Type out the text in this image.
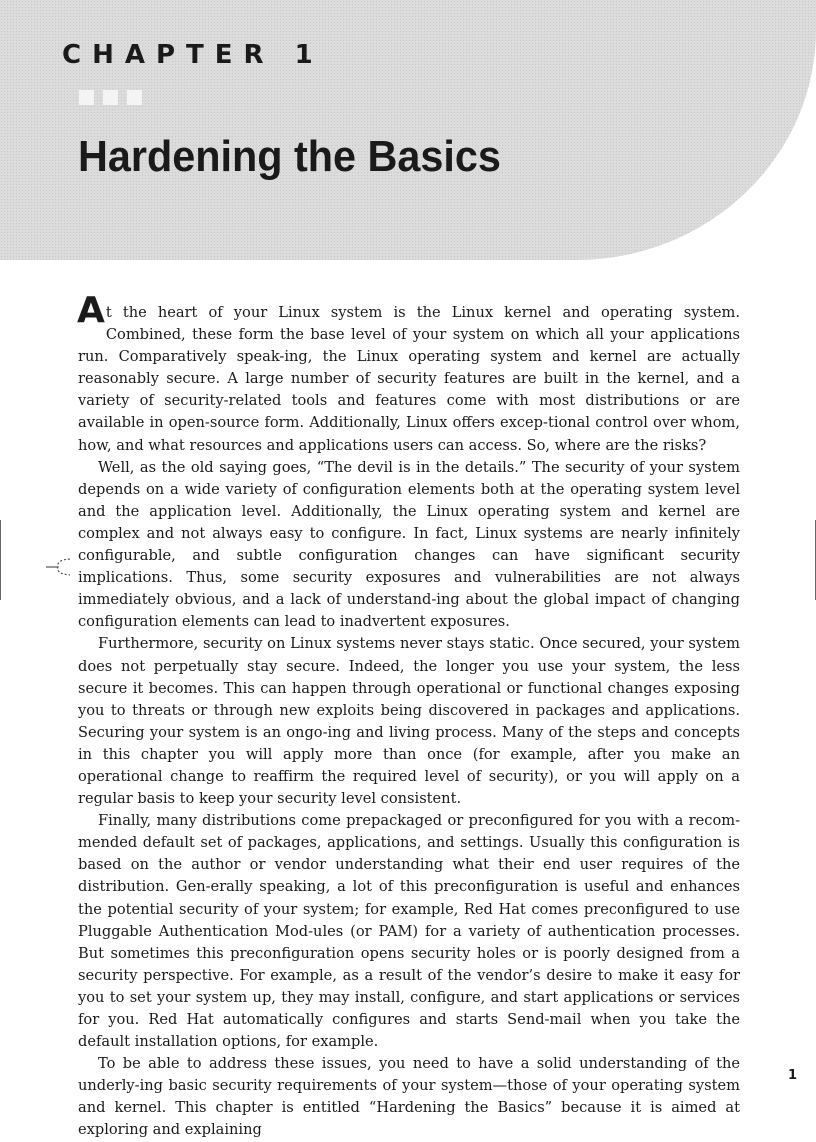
CHAPTER 1
Hardening the Basics

At the heart of your Linux system is the Linux kernel and operating system. Combined, these form the base level of your system on which all your applications run. Comparatively speak-ing, the Linux operating system and kernel are actually reasonably secure. A large number of security features are built in the kernel, and a variety of security-related tools and features come with most distributions or are available in open-source form. Additionally, Linux offers excep-tional control over whom, how, and what resources and applications users can access. So, where are the risks?

Well, as the old saying goes, “The devil is in the details.” The security of your system depends on a wide variety of configuration elements both at the operating system level and the application level. Additionally, the Linux operating system and kernel are complex and not always easy to configure. In fact, Linux systems are nearly infinitely configurable, and subtle configuration changes can have significant security implications. Thus, some security exposures and vulnerabilities are not always immediately obvious, and a lack of understand-ing about the global impact of changing configuration elements can lead to inadvertent exposures.

Furthermore, security on Linux systems never stays static. Once secured, your system does not perpetually stay secure. Indeed, the longer you use your system, the less secure it becomes. This can happen through operational or functional changes exposing you to threats or through new exploits being discovered in packages and applications. Securing your system is an ongo-ing and living process. Many of the steps and concepts in this chapter you will apply more than once (for example, after you make an operational change to reaffirm the required level of security), or you will apply on a regular basis to keep your security level consistent.

Finally, many distributions come prepackaged or preconfigured for you with a recom-mended default set of packages, applications, and settings. Usually this configuration is based on the author or vendor understanding what their end user requires of the distribution. Gen-erally speaking, a lot of this preconfiguration is useful and enhances the potential security of your system; for example, Red Hat comes preconfigured to use Pluggable Authentication Mod-ules (or PAM) for a variety of authentication processes. But sometimes this preconfiguration opens security holes or is poorly designed from a security perspective. For example, as a result of the vendor’s desire to make it easy for you to set your system up, they may install, configure, and start applications or services for you. Red Hat automatically configures and starts Send-mail when you take the default installation options, for example.

To be able to address these issues, you need to have a solid understanding of the underly-ing basic security requirements of your system—those of your operating system and kernel. This chapter is entitled “Hardening the Basics” because it is aimed at exploring and explaining

1
